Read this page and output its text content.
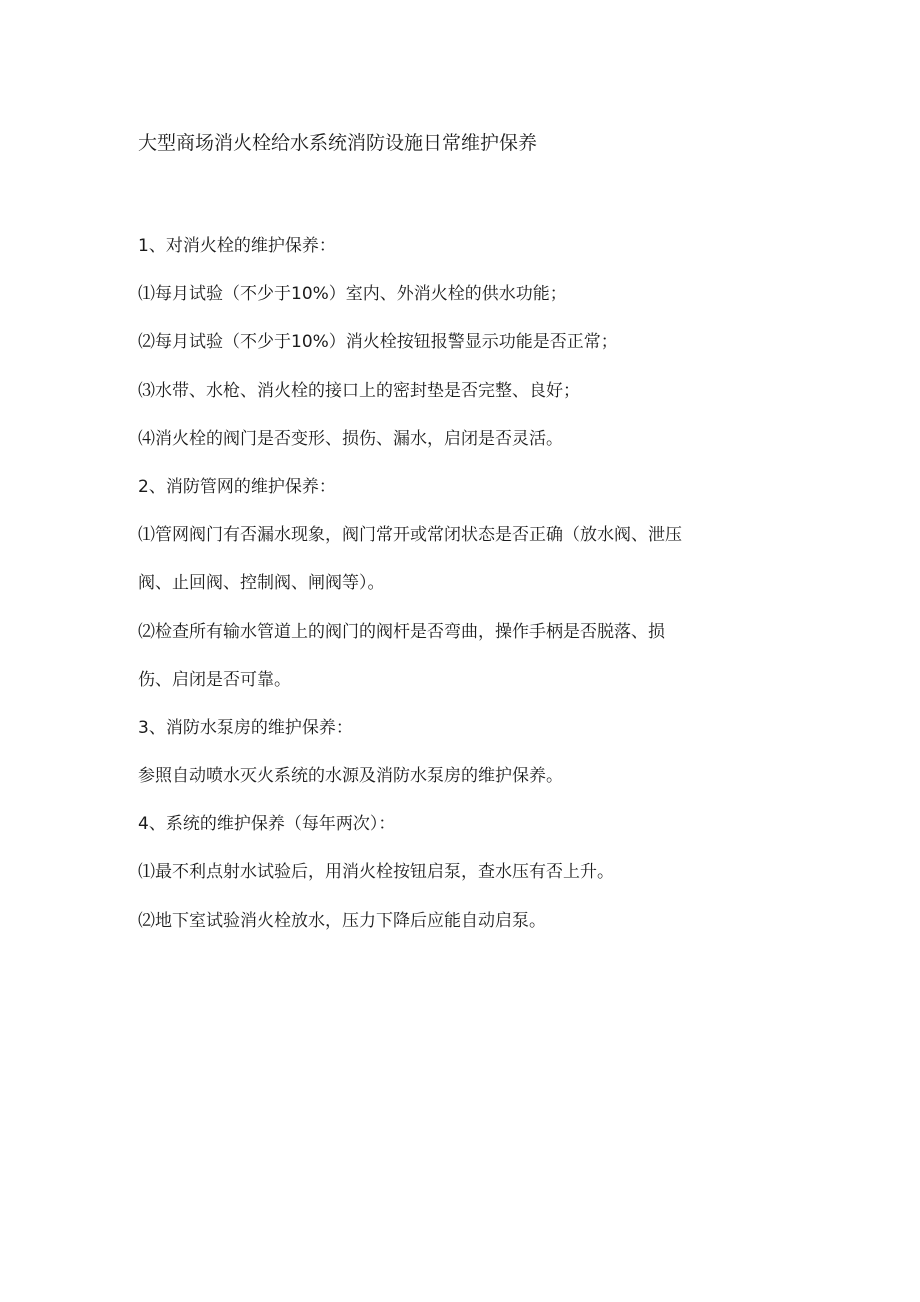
大型商场消火栓给水系统消防设施日常维护保养

1、对消火栓的维护保养：

⑴每月试验（不少于10%）室内、外消火栓的供水功能；

⑵每月试验（不少于10%）消火栓按钮报警显示功能是否正常；

⑶水带、水枪、消火栓的接口上的密封垫是否完整、良好；

⑷消火栓的阀门是否变形、损伤、漏水，启闭是否灵活。

2、消防管网的维护保养：

⑴管网阀门有否漏水现象，阀门常开或常闭状态是否正确（放水阀、泄压

阀、止回阀、控制阀、闸阀等）。

⑵检查所有输水管道上的阀门的阀杆是否弯曲，操作手柄是否脱落、损

伤、启闭是否可靠。

3、消防水泵房的维护保养：

参照自动喷水灭火系统的水源及消防水泵房的维护保养。

4、系统的维护保养（每年两次）：

⑴最不利点射水试验后，用消火栓按钮启泵，查水压有否上升。

⑵地下室试验消火栓放水，压力下降后应能自动启泵。
